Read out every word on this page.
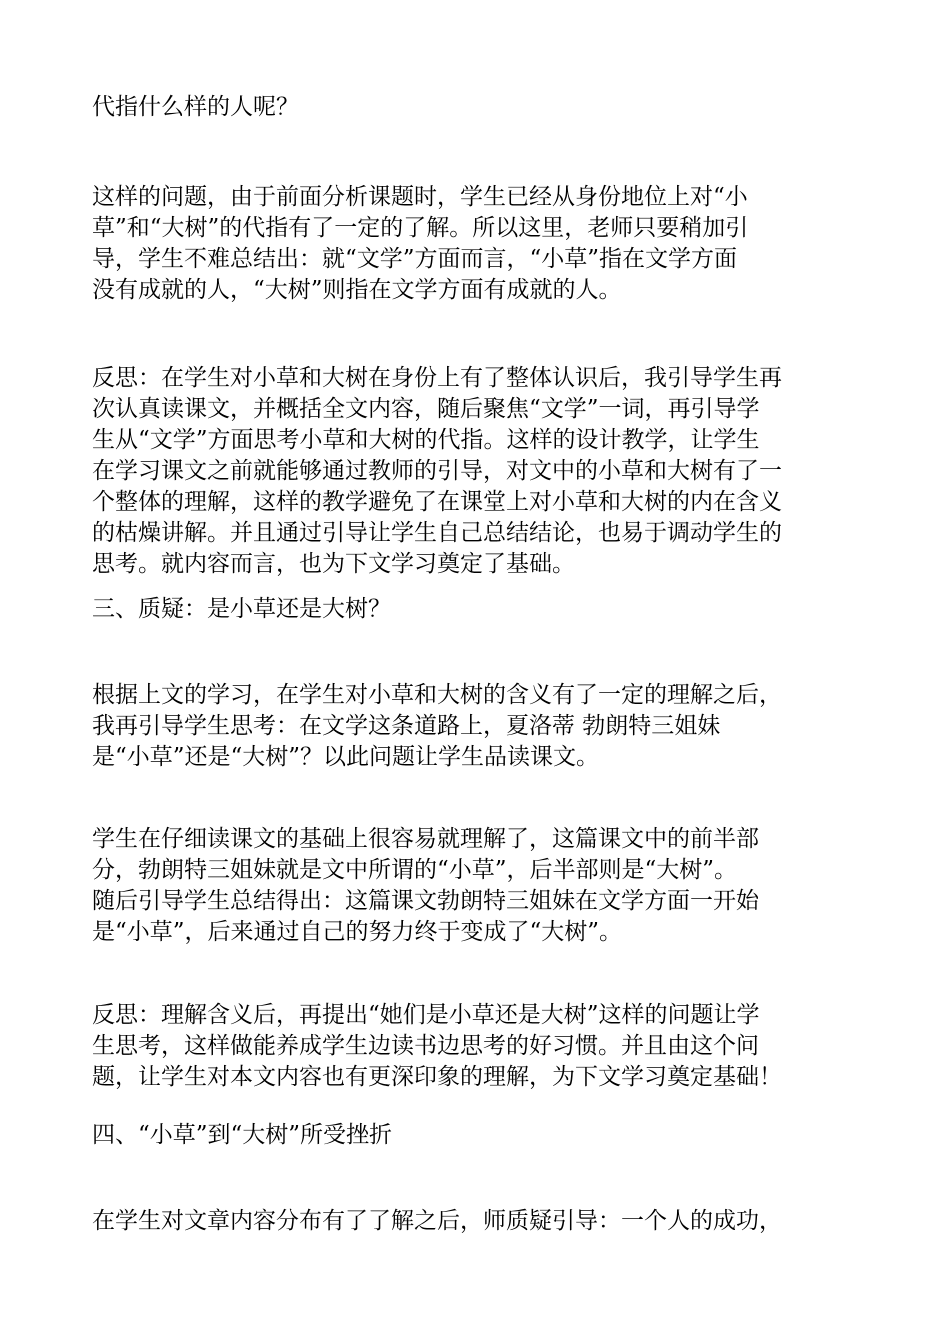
代指什么样的人呢？

这样的问题，由于前面分析课题时，学生已经从身份地位上对“小
草”和“大树”的代指有了一定的了解。所以这里，老师只要稍加引
导，学生不难总结出：就“文学”方面而言，“小草”指在文学方面
没有成就的人，“大树”则指在文学方面有成就的人。

反思：在学生对小草和大树在身份上有了整体认识后，我引导学生再
次认真读课文，并概括全文内容，随后聚焦“文学”一词，再引导学
生从“文学”方面思考小草和大树的代指。这样的设计教学，让学生
在学习课文之前就能够通过教师的引导，对文中的小草和大树有了一
个整体的理解，这样的教学避免了在课堂上对小草和大树的内在含义
的枯燥讲解。并且通过引导让学生自己总结结论，也易于调动学生的
思考。就内容而言，也为下文学习奠定了基础。

三、质疑：是小草还是大树？

根据上文的学习，在学生对小草和大树的含义有了一定的理解之后，
我再引导学生思考：在文学这条道路上，夏洛蒂 勃朗特三姐妹
是“小草”还是“大树”？以此问题让学生品读课文。

学生在仔细读课文的基础上很容易就理解了，这篇课文中的前半部
分，勃朗特三姐妹就是文中所谓的“小草”，后半部则是“大树”。
随后引导学生总结得出：这篇课文勃朗特三姐妹在文学方面一开始
是“小草”，后来通过自己的努力终于变成了“大树”。

反思：理解含义后，再提出“她们是小草还是大树”这样的问题让学
生思考，这样做能养成学生边读书边思考的好习惯。并且由这个问
题，让学生对本文内容也有更深印象的理解，为下文学习奠定基础！

四、“小草”到“大树”所受挫折

在学生对文章内容分布有了了解之后，师质疑引导：一个人的成功，
